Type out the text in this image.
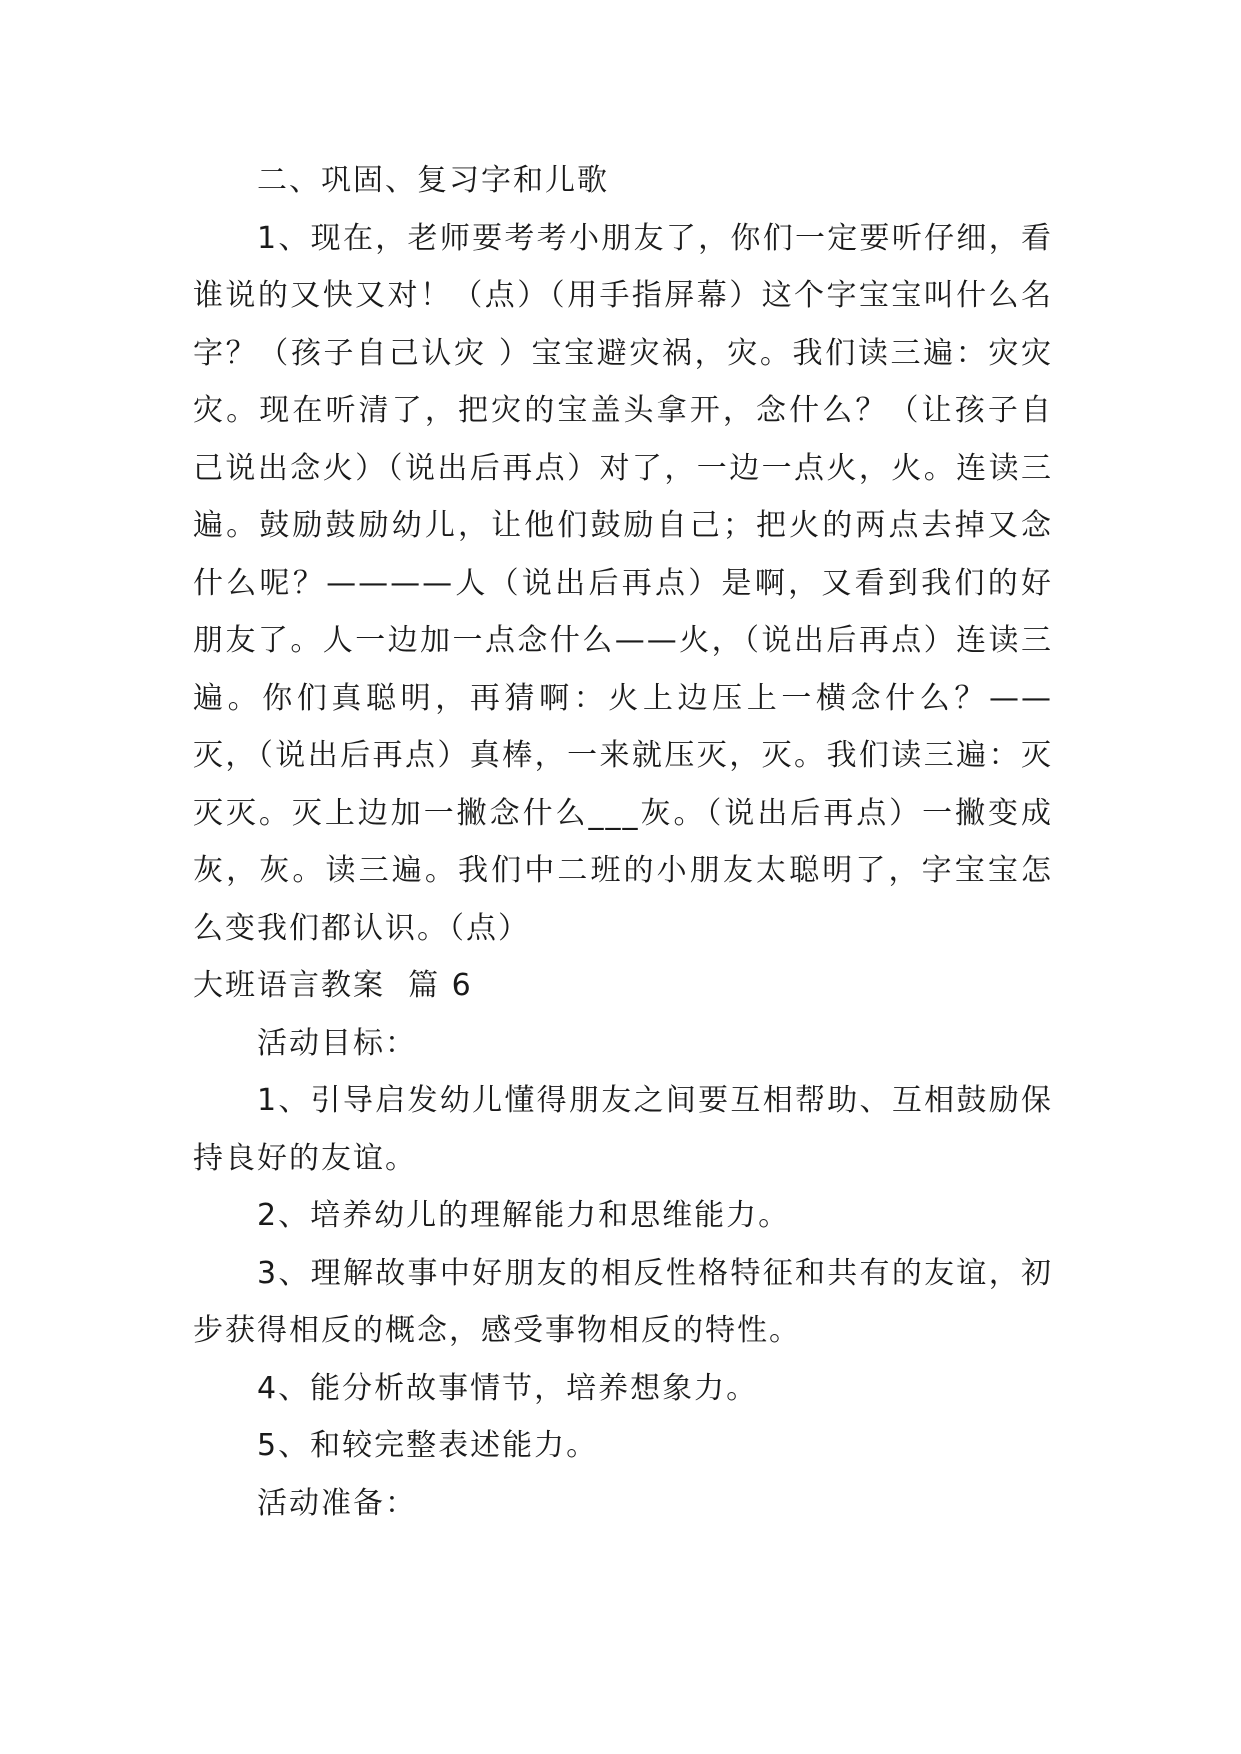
二、巩固、复习字和儿歌

1、现在，老师要考考小朋友了，你们一定要听仔细，看谁说的又快又对！（点）（用手指屏幕）这个字宝宝叫什么名字？（孩子自己认灾 ）宝宝避灾祸，灾。我们读三遍：灾灾灾。现在听清了，把灾的宝盖头拿开，念什么？（让孩子自己说出念火）（说出后再点）对了，一边一点火，火。连读三遍。鼓励鼓励幼儿，让他们鼓励自己；把火的两点去掉又念什么呢？————人（说出后再点）是啊，又看到我们的好朋友了。人一边加一点念什么——火，（说出后再点）连读三遍。你们真聪明，再猜啊：火上边压上一横念什么？——灭，（说出后再点）真棒，一来就压灭，灭。我们读三遍：灭灭灭。灭上边加一撇念什么___灰。（说出后再点）一撇变成灰，灰。读三遍。我们中二班的小朋友太聪明了，字宝宝怎么变我们都认识。（点）

大班语言教案  篇 6

活动目标：

1、引导启发幼儿懂得朋友之间要互相帮助、互相鼓励保持良好的友谊。

2、培养幼儿的理解能力和思维能力。

3、理解故事中好朋友的相反性格特征和共有的友谊，初步获得相反的概念，感受事物相反的特性。

4、能分析故事情节，培养想象力。

5、和较完整表述能力。

活动准备：
